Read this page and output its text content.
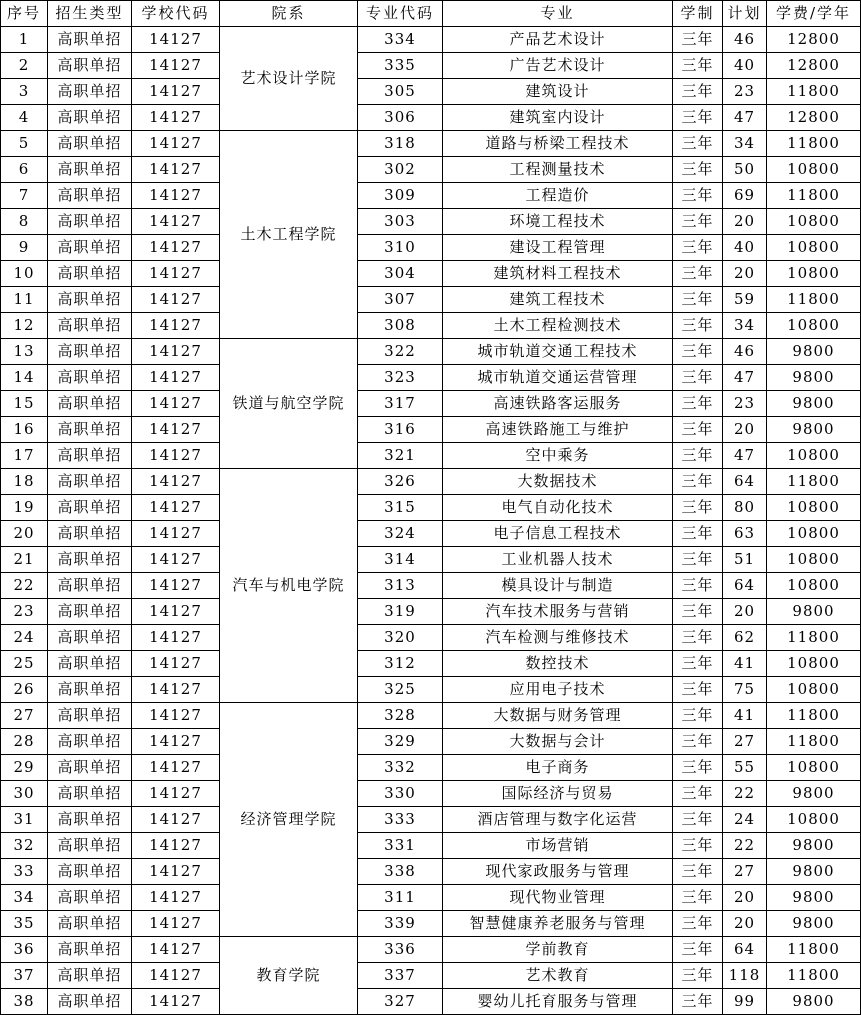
序号	招生类型	学校代码	院系	专业代码	专业	学制	计划	学费/学年
1	高职单招	14127	艺术设计学院	334	产品艺术设计	三年	46	12800
2	高职单招	14127		335	广告艺术设计	三年	40	12800
3	高职单招	14127		305	建筑设计	三年	23	11800
4	高职单招	14127		306	建筑室内设计	三年	47	12800
5	高职单招	14127	土木工程学院	318	道路与桥梁工程技术	三年	34	11800
6	高职单招	14127		302	工程测量技术	三年	50	10800
7	高职单招	14127		309	工程造价	三年	69	11800
8	高职单招	14127		303	环境工程技术	三年	20	10800
9	高职单招	14127		310	建设工程管理	三年	40	10800
10	高职单招	14127		304	建筑材料工程技术	三年	20	10800
11	高职单招	14127		307	建筑工程技术	三年	59	11800
12	高职单招	14127		308	土木工程检测技术	三年	34	10800
13	高职单招	14127	铁道与航空学院	322	城市轨道交通工程技术	三年	46	9800
14	高职单招	14127		323	城市轨道交通运营管理	三年	47	9800
15	高职单招	14127		317	高速铁路客运服务	三年	23	9800
16	高职单招	14127		316	高速铁路施工与维护	三年	20	9800
17	高职单招	14127		321	空中乘务	三年	47	10800
18	高职单招	14127	汽车与机电学院	326	大数据技术	三年	64	11800
19	高职单招	14127		315	电气自动化技术	三年	80	10800
20	高职单招	14127		324	电子信息工程技术	三年	63	10800
21	高职单招	14127		314	工业机器人技术	三年	51	10800
22	高职单招	14127		313	模具设计与制造	三年	64	10800
23	高职单招	14127		319	汽车技术服务与营销	三年	20	9800
24	高职单招	14127		320	汽车检测与维修技术	三年	62	11800
25	高职单招	14127		312	数控技术	三年	41	10800
26	高职单招	14127		325	应用电子技术	三年	75	10800
27	高职单招	14127	经济管理学院	328	大数据与财务管理	三年	41	11800
28	高职单招	14127		329	大数据与会计	三年	27	11800
29	高职单招	14127		332	电子商务	三年	55	10800
30	高职单招	14127		330	国际经济与贸易	三年	22	9800
31	高职单招	14127		333	酒店管理与数字化运营	三年	24	10800
32	高职单招	14127		331	市场营销	三年	22	9800
33	高职单招	14127		338	现代家政服务与管理	三年	27	9800
34	高职单招	14127		311	现代物业管理	三年	20	9800
35	高职单招	14127		339	智慧健康养老服务与管理	三年	20	9800
36	高职单招	14127	教育学院	336	学前教育	三年	64	11800
37	高职单招	14127		337	艺术教育	三年	118	11800
38	高职单招	14127		327	婴幼儿托育服务与管理	三年	99	9800
